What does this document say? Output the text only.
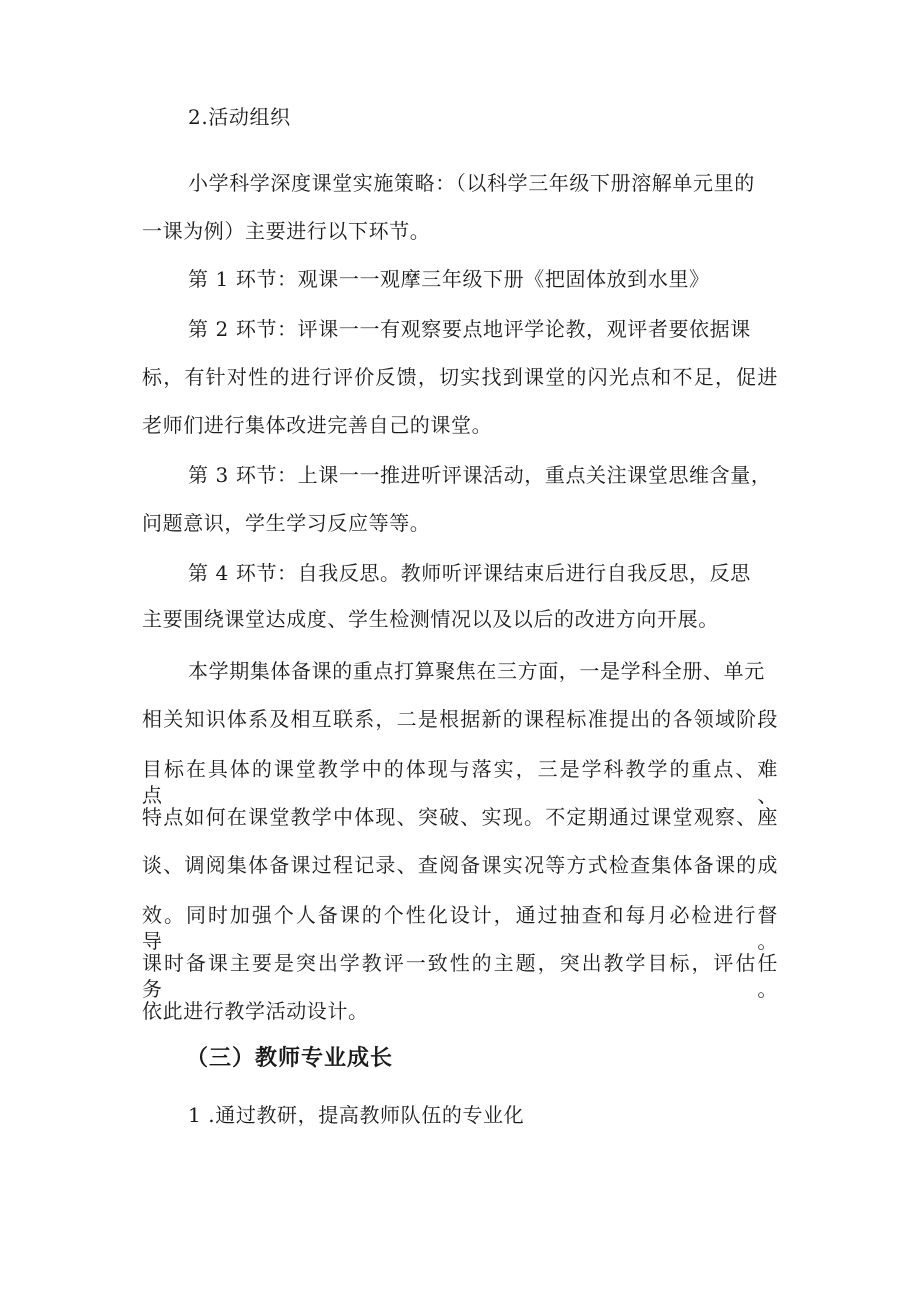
2.活动组织
小学科学深度课堂实施策略：（以科学三年级下册溶解单元里的
一课为例）主要进行以下环节。
第 1 环节：观课一一观摩三年级下册《把固体放到水里》
第 2 环节：评课一一有观察要点地评学论教，观评者要依据课
标，有针对性的进行评价反馈，切实找到课堂的闪光点和不足，促进
老师们进行集体改进完善自己的课堂。
第 3 环节：上课一一推进听评课活动，重点关注课堂思维含量，
问题意识，学生学习反应等等。
第 4 环节：自我反思。教师听评课结束后进行自我反思，反思
主要围绕课堂达成度、学生检测情况以及以后的改进方向开展。
本学期集体备课的重点打算聚焦在三方面，一是学科全册、单元
相关知识体系及相互联系，二是根据新的课程标准提出的各领域阶段
目标在具体的课堂教学中的体现与落实，三是学科教学的重点、难点、
特点如何在课堂教学中体现、突破、实现。不定期通过课堂观察、座
谈、调阅集体备课过程记录、查阅备课实况等方式检查集体备课的成
效。同时加强个人备课的个性化设计，通过抽查和每月必检进行督导。
课时备课主要是突出学教评一致性的主题，突出教学目标，评估任务。
依此进行教学活动设计。
（三）教师专业成长
1 .通过教研，提高教师队伍的专业化
